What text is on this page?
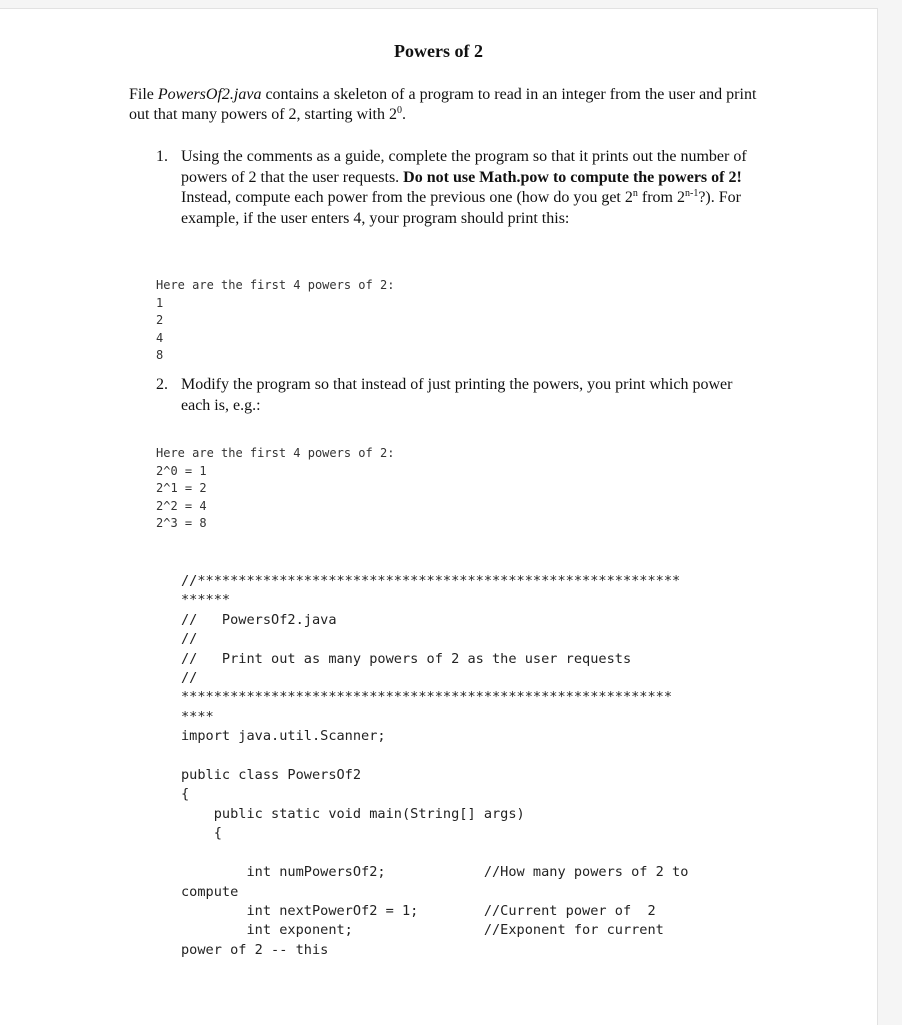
Powers of 2
File PowersOf2.java contains a skeleton of a program to read in an integer from the user and print out that many powers of 2, starting with $2^0$.
1. Using the comments as a guide, complete the program so that it prints out the number of powers of 2 that the user requests. Do not use Math.pow to compute the powers of 2! Instead, compute each power from the previous one (how do you get 2$^n$ from 2$^{n-1}$?). For example, if the user enters 4, your program should print this:
Here are the first 4 powers of 2:
1
2
4
8
2. Modify the program so that instead of just printing the powers, you print which power each is, e.g.:
Here are the first 4 powers of 2:
2^0 = 1
2^1 = 2
2^2 = 4
2^3 = 8
//***********************************************************
******
//   PowersOf2.java
//
//   Print out as many powers of 2 as the user requests
//
************************************************************
****
import java.util.Scanner;

public class PowersOf2
{
public static void main(String[] args)
{

int numPowersOf2;            //How many powers of 2 to
compute
int nextPowerOf2 = 1;        //Current power of  2
int exponent;                //Exponent for current
power of 2 -- this
